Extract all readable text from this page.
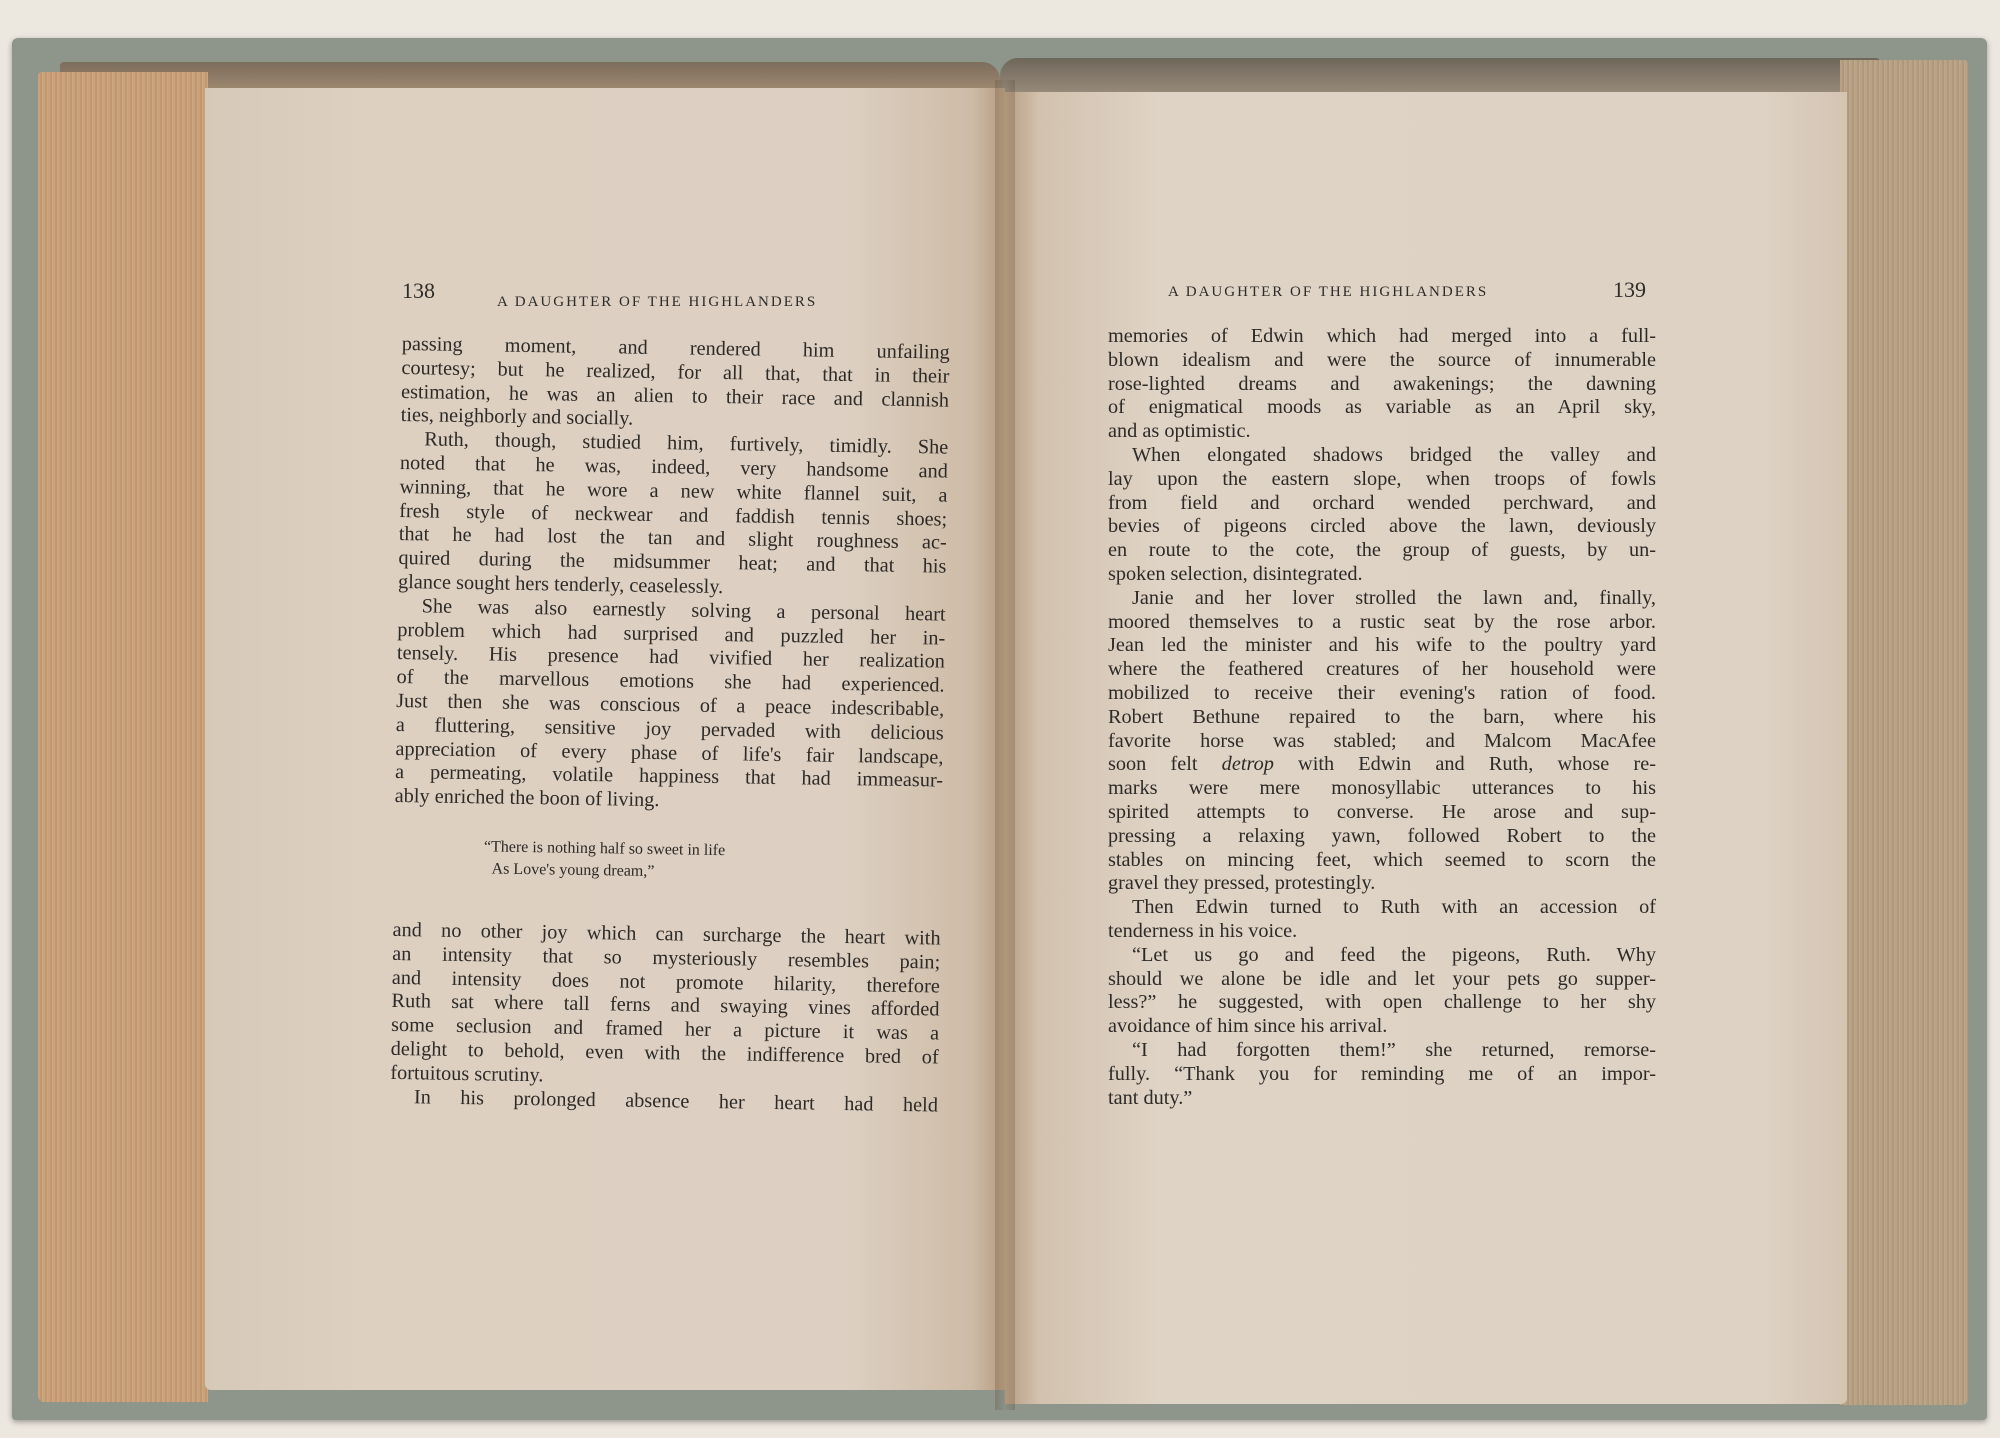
138	A DAUGHTER OF THE HIGHLANDERS

passing moment, and rendered him unfailing
courtesy; but he realized, for all that, that in their
estimation, he was an alien to their race and clannish
ties, neighborly and socially.

Ruth, though, studied him, furtively, timidly. She
noted that he was, indeed, very handsome and
winning, that he wore a new white flannel suit, a
fresh style of neckwear and faddish tennis shoes;
that he had lost the tan and slight roughness ac-
quired during the midsummer heat; and that his
glance sought hers tenderly, ceaselessly.

She was also earnestly solving a personal heart
problem which had surprised and puzzled her in-
tensely. His presence had vivified her realization
of the marvellous emotions she had experienced.
Just then she was conscious of a peace indescribable,
a fluttering, sensitive joy pervaded with delicious
appreciation of every phase of life's fair landscape,
a permeating, volatile happiness that had immeasur-
ably enriched the boon of living.

“There is nothing half so sweet in life
As Love's young dream,”

and no other joy which can surcharge the heart with
an intensity that so mysteriously resembles pain;
and intensity does not promote hilarity, therefore
Ruth sat where tall ferns and swaying vines afforded
some seclusion and framed her a picture it was a
delight to behold, even with the indifference bred of
fortuitous scrutiny.

In his prolonged absence her heart had held

A DAUGHTER OF THE HIGHLANDERS	139

memories of Edwin which had merged into a full-
blown idealism and were the source of innumerable
rose-lighted dreams and awakenings; the dawning
of enigmatical moods as variable as an April sky,
and as optimistic.

When elongated shadows bridged the valley and
lay upon the eastern slope, when troops of fowls
from field and orchard wended perchward, and
bevies of pigeons circled above the lawn, deviously
en route to the cote, the group of guests, by un-
spoken selection, disintegrated.

Janie and her lover strolled the lawn and, finally,
moored themselves to a rustic seat by the rose arbor.
Jean led the minister and his wife to the poultry yard
where the feathered creatures of her household were
mobilized to receive their evening's ration of food.
Robert Bethune repaired to the barn, where his
favorite horse was stabled; and Malcom MacAfee
soon felt detrop with Edwin and Ruth, whose re-
marks were mere monosyllabic utterances to his
spirited attempts to converse. He arose and sup-
pressing a relaxing yawn, followed Robert to the
stables on mincing feet, which seemed to scorn the
gravel they pressed, protestingly.

Then Edwin turned to Ruth with an accession of
tenderness in his voice.

“Let us go and feed the pigeons, Ruth. Why
should we alone be idle and let your pets go supper-
less?” he suggested, with open challenge to her shy
avoidance of him since his arrival.

“I had forgotten them!” she returned, remorse-
fully. “Thank you for reminding me of an impor-
tant duty.”
